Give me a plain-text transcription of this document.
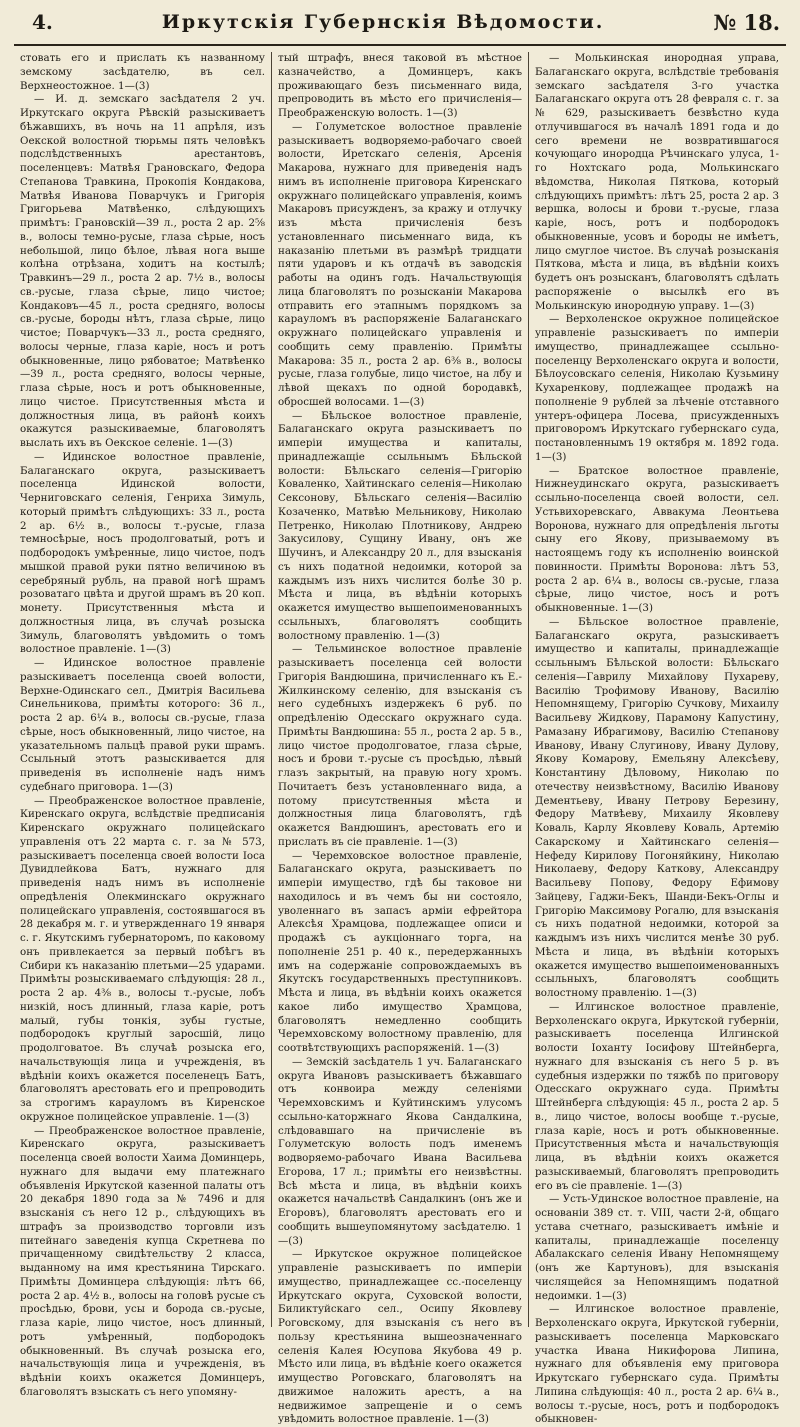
4.	Иркутскія Губернскія Вѣдомости.	№ 18.

стовать его и прислать къ названному земскому засѣдателю, въ сел. Верхнеостожное. 1—(3)

— И. д. земскаго засѣдателя 2 уч. Иркутскаго округа Рѣвскій разыскиваетъ бѣжавшихъ, въ ночь на 11 апрѣля, изъ Оекской волостной тюрьмы пять человѣкъ подслѣдственныхъ арестантовъ, поселенцевъ: Матвѣя Грановскаго, Федора Степанова Травкина, Прокопія Кондакова, Матвѣя Иванова Поварчукъ и Григорія Григорьева Матвѣенко, слѣдующихъ примѣтъ: Грановскій—39 л., роста 2 ар. 2⅝ в., волосы темно-русые, глаза сѣрые, носъ небольшой, лицо бѣлое, лѣвая нога выше колѣна отрѣзана, ходитъ на костылѣ; Травкинъ—29 л., роста 2 ар. 7½ в., волосы св.-русые, глаза сѣрые, лицо чистое; Кондаковъ—45 л., роста средняго, волосы св.-русые, бороды нѣтъ, глаза сѣрые, лицо чистое; Поварчукъ—33 л., роста средняго, волосы черные, глаза каріе, носъ и ротъ обыкновенные, лицо рябоватое; Матвѣенко—39 л., роста средняго, волосы черные, глаза сѣрые, носъ и ротъ обыкновенные, лицо чистое. Присутственныя мѣста и должностныя лица, въ районѣ коихъ окажутся разыскиваемые, благоволятъ выслать ихъ въ Оекское селеніе. 1—(3)

— Идинское волостное правленіе, Балаганскаго округа, разыскиваетъ поселенца Идинской волости, Черниговскаго селенія, Генриха Зимуль, который примѣтъ слѣдующихъ: 33 л., роста 2 ар. 6½ в., волосы т.-русые, глаза темносѣрые, носъ продолговатый, ротъ и подбородокъ умѣренные, лицо чистое, подъ мышкой правой руки пятно величиною въ серебряный рубль, на правой ногѣ шрамъ розоватаго цвѣта и другой шрамъ въ 20 коп. монету. Присутственныя мѣста и должностныя лица, въ случаѣ розыска Зимуль, благоволятъ увѣдомить о томъ волостное правленіе. 1—(3)

— Идинское волостное правленіе разыскиваетъ поселенца своей волости, Верхне-Одинскаго сел., Дмитрія Васильева Синельникова, примѣты которого: 36 л., роста 2 ар. 6¼ в., волосы св.-русые, глаза сѣрые, носъ обыкновенный, лицо чистое, на указательномъ пальцѣ правой руки шрамъ. Ссыльный этотъ разыскивается для приведенія въ исполненіе надъ нимъ судебнаго приговора. 1—(3)

— Преображенское волостное правленіе, Киренскаго округа, вслѣдствіе предписанія Киренскаго окружнаго полицейскаго управленія отъ 22 марта с. г. за № 573, разыскиваетъ поселенца своей волости Іоса Дувидлейкова Батъ, нужнаго для приведенія надъ нимъ въ исполненіе опредѣленія Олекминскаго окружнаго полицейскаго управленія, состоявшагося въ 28 декабря м. г. и утвержденнаго 19 января с. г. Якутскимъ губернаторомъ, по каковому онъ привлекается за первый побѣгъ въ Сибири къ наказанію плетьми—25 ударами. Примѣты розыскиваемаго слѣдующія: 28 л., роста 2 ар. 4⅜ в., волосы т.-русые, лобъ низкій, носъ длинный, глаза каріе, ротъ малый, губы тонкія, зубы густые, подбородокъ круглый заросшій, лицо продолговатое. Въ случаѣ розыска его, начальствующія лица и учрежденія, въ вѣдѣніи коихъ окажется поселенецъ Батъ, благоволятъ арестовать его и препроводить за строгимъ карауломъ въ Киренское окружное полицейское управленіе. 1—(3)

— Преображенское волостное правленіе, Киренскаго округа, разыскиваетъ поселенца своей волости Хаима Доминцерь, нужнаго для выдачи ему платежнаго объявленія Иркутской казенной палаты отъ 20 декабря 1890 года за № 7496 и для взысканія съ него 12 р., слѣдующихъ въ штрафъ за производство торговли изъ питейнаго заведенія купца Скретнева по причащенному свидѣтельству 2 класса, выданному на имя крестьянина Тирскаго. Примѣты Доминцера слѣдующія: лѣтъ 66, роста 2 ар. 4½ в., волосы на головѣ русые съ просѣдью, брови, усы и борода св.-русые, глаза каріе, лицо чистое, носъ длинный, ротъ умѣренный, подбородокъ обыкновенный. Въ случаѣ розыска его, начальствующія лица и учрежденія, въ вѣдѣніи коихъ окажется Доминцеръ, благоволятъ взыскать съ него упомяну-

тый штрафъ, внеся таковой въ мѣстное казначейство, а Доминцеръ, какъ проживающаго безъ письменнаго вида, препроводить въ мѣсто его причисленія—Преображенскую волость. 1—(3)

— Голуметское волостное правленіе разыскиваетъ водворяемо-рабочаго своей волости, Иретскаго селенія, Арсенія Макарова, нужнаго для приведенія надъ нимъ въ исполненіе приговора Киренскаго окружнаго полицейскаго управленія, коимъ Макаровъ присужденъ, за кражу и отлучку изъ мѣста причисленія безъ установленнаго письменнаго вида, къ наказанію плетьми въ размѣрѣ тридцати пяти ударовъ и къ отдачѣ въ заводскія работы на одинъ годъ. Начальствующія лица благоволятъ по розысканіи Макарова отправить его этапнымъ порядкомъ за карауломъ въ распоряженіе Балаганскаго окружнаго полицейскаго управленія и сообщить сему правленію. Примѣты Макарова: 35 л., роста 2 ар. 6⅜ в., волосы русые, глаза голубые, лицо чистое, на лбу и лѣвой щекахъ по одной бородавкѣ, обросшей волосами. 1—(3)

— Бѣльское волостное правленіе, Балаганскаго округа разыскиваетъ по имперіи имущества и капиталы, принадлежащіе ссыльнымъ Бѣльской волости: Бѣльскаго селенія—Григорію Коваленко, Хайтинскаго селенія—Николаю Сексонову, Бѣльскаго селенія—Василію Козаченко, Матвѣю Мельникову, Николаю Петренко, Николаю Плотникову, Андрею Закусилову, Сущину Ивану, онъ же Шучинъ, и Александру 20 л., для взысканія съ нихъ податной недоимки, которой за каждымъ изъ нихъ числится болѣе 30 р. Мѣста и лица, въ вѣдѣніи которыхъ окажется имущество вышепоименованныхъ ссыльныхъ, благоволятъ сообщить волостному правленію. 1—(3)

— Тельминское волостное правленіе разыскиваетъ поселенца сей волости Григорія Вандюшина, причисленнаго къ Е.-Жилкинскому селенію, для взысканія съ него судебныхъ издержекъ 6 руб. по опредѣленію Одесскаго окружнаго суда. Примѣты Вандюшина: 55 л., роста 2 ар. 5 в., лицо чистое продолговатое, глаза сѣрые, носъ и брови т.-русые съ просѣдью, лѣвый глазъ закрытый, на правую ногу хромъ. Почитаетъ безъ установленнаго вида, а потому присутственныя мѣста и должностныя лица благоволятъ, гдѣ окажется Вандюшинъ, арестовать его и прислать въ сіе правленіе. 1—(3)

— Черемховское волостное правленіе, Балаганскаго округа, разыскиваетъ по имперіи имущество, гдѣ бы таковое ни находилось и въ чемъ бы ни состояло, уволеннаго въ запасъ арміи ефрейтора Алексѣя Храмцова, подлежащее описи и продажѣ съ аукціоннаго торга, на пополненіе 251 р. 40 к., передержанныхъ имъ на содержаніе сопровождаемыхъ въ Якутскъ государственныхъ преступниковъ. Мѣста и лица, въ вѣдѣніи коихъ окажется какое либо имущество Храмцова, благоволятъ немедленно сообщить Черемховскому волостному правленію, для соотвѣтствующихъ распоряженій. 1—(3)

— Земскій засѣдатель 1 уч. Балаганскаго округа Ивановъ разыскиваетъ бѣжавшаго отъ конвоира между селеніями Черемховскимъ и Куйтинскимъ улусомъ ссыльно-каторжнаго Якова Сандалкина, слѣдовавшаго на причисленіе въ Голуметскую волость подъ именемъ водворяемо-рабочаго Ивана Васильева Егорова, 17 л.; примѣты его неизвѣстны. Всѣ мѣста и лица, въ вѣдѣніи коихъ окажется начальствѣ Сандалкинъ (онъ же и Егоровъ), благоволятъ арестовать его и сообщить вышеупомянутому засѣдателю. 1—(3)

— Иркутское окружное полицейское управленіе разыскиваетъ по имперіи имущество, принадлежащее сс.-поселенцу Иркутскаго округа, Суховской волости, Биликтуйскаго сел., Осипу Яковлеву Роговскому, для взысканія съ него въ пользу крестьянина вышеозначеннаго селенія Калея Юсупова Якубова 49 р. Мѣсто или лица, въ вѣдѣніе коего окажется имущество Роговскаго, благоволятъ на движимое наложить арестъ, а на недвижимое запрещеніе и о семъ увѣдомить волостное правленіе. 1—(3)

— Молькинская инородная управа, Балаганскаго округа, вслѣдствіе требованія земскаго засѣдателя 3-го участка Балаганскаго округа отъ 28 февраля с. г. за № 629, разыскиваетъ безвѣстно куда отлучившагося въ началѣ 1891 года и до сего времени не возвратившагося кочующаго инородца Рѣчинскаго улуса, 1-го Нохтскаго рода, Молькинскаго вѣдомства, Николая Пяткова, который слѣдующихъ примѣтъ: лѣтъ 25, роста 2 ар. 3 вершка, волосы и брови т.-русые, глаза каріе, носъ, ротъ и подбородокъ обыкновенные, усовъ и бороды не имѣетъ, лицо смуглое чистое. Въ случаѣ розысканія Пяткова, мѣста и лица, въ вѣдѣніи коихъ будетъ онъ розысканъ, благоволятъ сдѣлать распоряженіе о высылкѣ его въ Молькинскую инородную управу. 1—(3)

— Верхоленское окружное полицейское управленіе разыскиваетъ по имперіи имущество, принадлежащее ссыльно-поселенцу Верхоленскаго округа и волости, Бѣлоусовскаго селенія, Николаю Кузьмину Кухаренкову, подлежащее продажѣ на пополненіе 9 рублей за лѣченіе отставного унтеръ-офицера Лосева, присужденныхъ приговоромъ Иркутскаго губернскаго суда, постановленнымъ 19 октября м. 1892 года. 1—(3)

— Братское волостное правленіе, Нижнеудинскаго округа, разыскиваетъ ссыльно-поселенца своей волости, сел. Устьвихоревскаго, Аввакума Леонтьева Воронова, нужнаго для опредѣленія льготы сыну его Якову, призываемому въ настоящемъ году къ исполненію воинской повинности. Примѣты Воронова: лѣтъ 53, роста 2 ар. 6¼ в., волосы св.-русые, глаза сѣрые, лицо чистое, носъ и ротъ обыкновенные. 1—(3)

— Бѣльское волостное правленіе, Балаганскаго округа, разыскиваетъ имущество и капиталы, принадлежащіе ссыльнымъ Бѣльской волости: Бѣльскаго селенія—Гаврилу Михайлову Пухареву, Василію Трофимову Иванову, Василію Непомнящему, Григорію Сучкову, Михаилу Васильеву Жидкову, Парамону Капустину, Рамазану Ибрагимову, Василію Степанову Иванову, Ивану Слугинову, Ивану Дулову, Якову Комарову, Емельяну Алексѣеву, Константину Дѣловому, Николаю по отечеству неизвѣстному, Василію Иванову Дементьеву, Ивану Петрову Березину, Федору Матвѣеву, Михаилу Яковлеву Коваль, Карлу Яковлеву Коваль, Артемію Сакарскому и Хайтинскаго селенія—Нефеду Кирилову Погоняйкину, Николаю Николаеву, Федору Каткову, Александру Васильеву Попову, Федору Ефимову Зайцеву, Гаджи-Бекъ, Шанди-Бекъ-Оглы и Григорію Максимову Рогалю, для взысканія съ нихъ податной недоимки, которой за каждымъ изъ нихъ числится менѣе 30 руб. Мѣста и лица, въ вѣдѣніи которыхъ окажется имущество вышепоименованныхъ ссыльныхъ, благоволятъ сообщить волостному правленію. 1—(3)

— Илгинское волостное правленіе, Верхоленскаго округа, Иркутской губерніи, разыскиваетъ поселенца Илгинской волости Іоханту Іосифову Штейнберга, нужнаго для взысканія съ него 5 р. въ судебныя издержки по тяжбѣ по приговору Одесскаго окружнаго суда. Примѣты Штейнберга слѣдующія: 45 л., роста 2 ар. 5 в., лицо чистое, волосы вообще т.-русые, глаза каріе, носъ и ротъ обыкновенные. Присутственныя мѣста и начальствующія лица, въ вѣдѣніи коихъ окажется разыскиваемый, благоволятъ препроводить его въ сіе правленіе. 1—(3)

— Усть-Удинское волостное правленіе, на основаніи 389 ст. т. VIII, части 2-й, общаго устава счетнаго, разыскиваетъ имѣніе и капиталы, принадлежащіе поселенцу Абалакскаго селенія Ивану Непомнящему (онъ же Картуновъ), для взысканія числящейся за Непомнящимъ податной недоимки. 1—(3)

— Илгинское волостное правленіе, Верхоленскаго округа, Иркутской губерніи, разыскиваетъ поселенца Марковскаго участка Ивана Никифорова Липина, нужнаго для объявленія ему приговора Иркутскаго губернскаго суда. Примѣты Липина слѣдующія: 40 л., роста 2 ар. 6¼ в., волосы т.-русые, носъ, ротъ и подбородокъ обыкновен-
